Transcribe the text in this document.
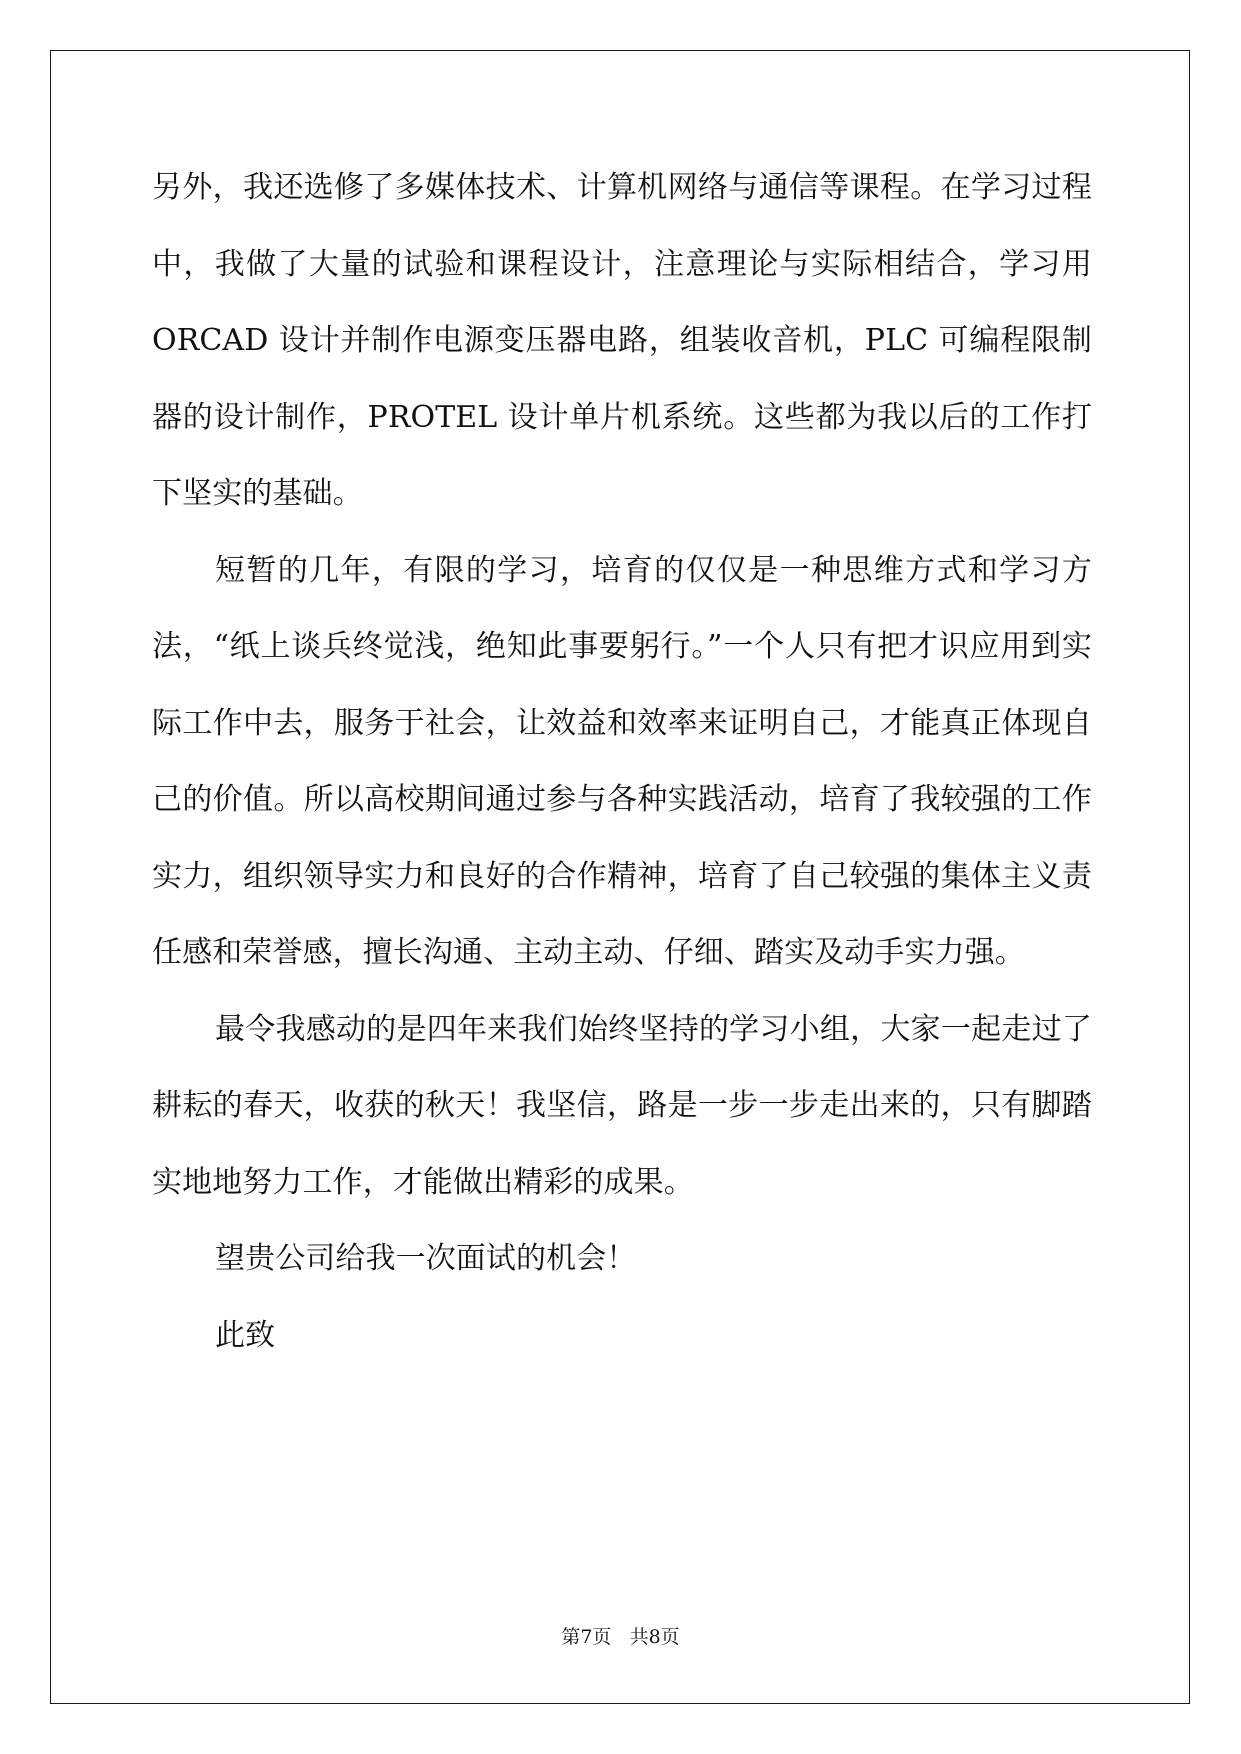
另外，我还选修了多媒体技术、计算机网络与通信等课程。在学习过程中，我做了大量的试验和课程设计，注意理论与实际相结合，学习用 ORCAD 设计并制作电源变压器电路，组装收音机，PLC 可编程限制器的设计制作，PROTEL 设计单片机系统。这些都为我以后的工作打下坚实的基础。

短暂的几年，有限的学习，培育的仅仅是一种思维方式和学习方法，“纸上谈兵终觉浅，绝知此事要躬行。”一个人只有把才识应用到实际工作中去，服务于社会，让效益和效率来证明自己，才能真正体现自己的价值。所以高校期间通过参与各种实践活动，培育了我较强的工作实力，组织领导实力和良好的合作精神，培育了自己较强的集体主义责任感和荣誉感，擅长沟通、主动主动、仔细、踏实及动手实力强。

最令我感动的是四年来我们始终坚持的学习小组，大家一起走过了耕耘的春天，收获的秋天！我坚信，路是一步一步走出来的，只有脚踏实地地努力工作，才能做出精彩的成果。

望贵公司给我一次面试的机会！

此致

第7页 共8页
